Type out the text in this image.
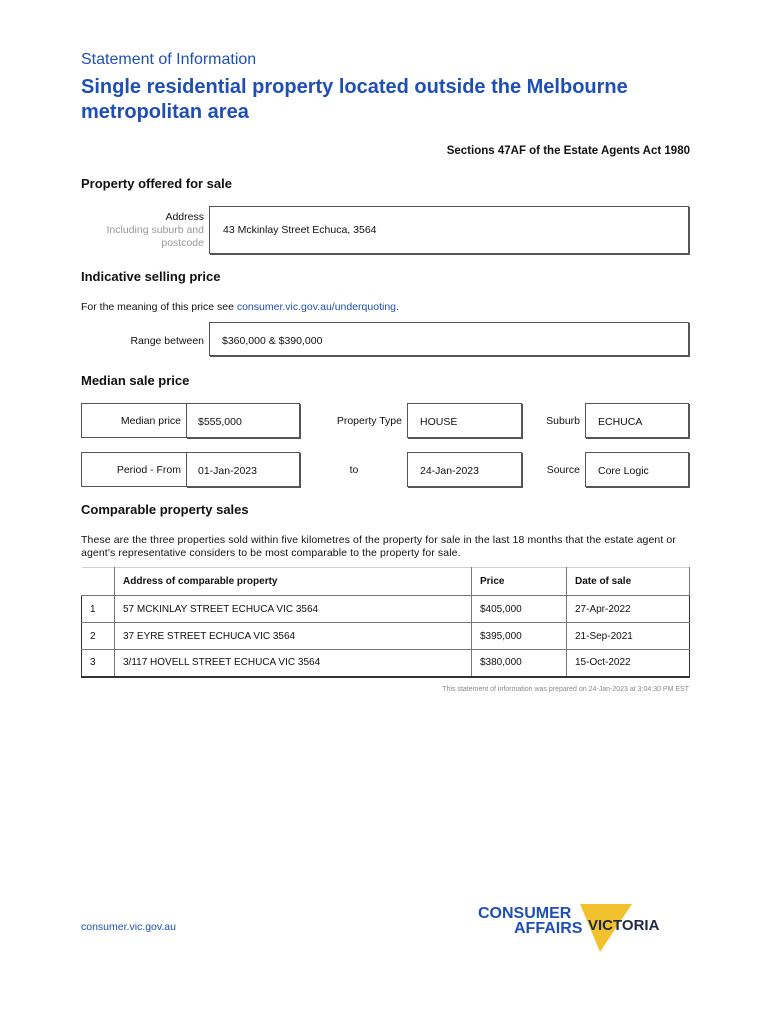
Statement of Information
Single residential property located outside the Melbourne metropolitan area
Sections 47AF of the Estate Agents Act 1980
Property offered for sale
43 Mckinlay Street Echuca, 3564
Address
Including suburb and
postcode
Indicative selling price
For the meaning of this price see consumer.vic.gov.au/underquoting.
Range between $360,000 & $390,000
Median sale price
Median price $555,000	Property Type HOUSE	Suburb ECHUCA
Period - From 01-Jan-2023	to	24-Jan-2023	Source Core Logic
Comparable property sales
These are the three properties sold within five kilometres of the property for sale in the last 18 months that the estate agent or agent’s representative considers to be most comparable to the property for sale.
	Address of comparable property	Price	Date of sale
1	57 MCKINLAY STREET ECHUCA VIC 3564	$405,000	27-Apr-2022
2	37 EYRE STREET ECHUCA VIC 3564	$395,000	21-Sep-2021
3	3/117 HOVELL STREET ECHUCA VIC 3564	$380,000	15-Oct-2022
This statement of information was prepared on 24-Jan-2023 at 3:04:30 PM EST
consumer.vic.gov.au
CONSUMER
AFFAIRS VICTORIA
